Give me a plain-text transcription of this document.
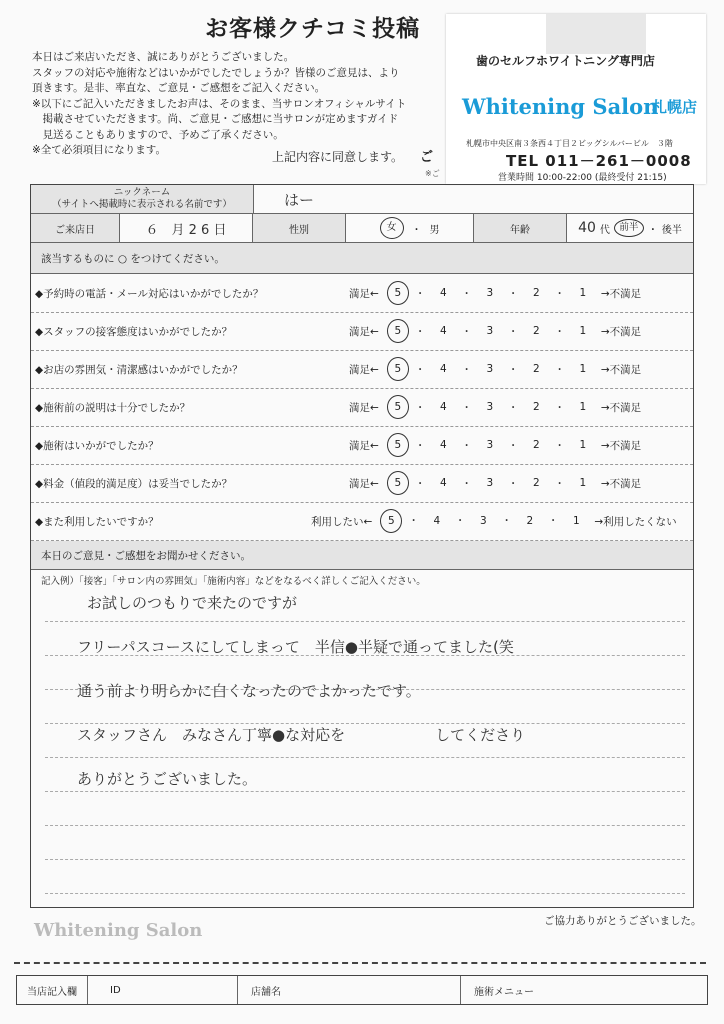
お客様クチコミ投稿
本日はご来店いただき、誠にありがとうございました。
スタッフの対応や施術などはいかがでしたでしょうか？皆様のご意見は、より
頂きます。是非、率直な、ご意見・ご感想をご記入ください。
※以下にご記入いただきましたお声は、そのまま、当サロンオフィシャルサイト
　掲載させていただきます。尚、ご意見・ご感想に当サロンが定めますガイド
　見送ることもありますので、予めご了承ください。
※全て必須項目になります。	上記内容に同意します。 ご
※ご
歯のセルフホワイトニング専門店
Whitening Salon
札幌店
札幌市中央区南３条西４丁目２ビッグシルバービル　３階
TEL 011－261－0008
営業時間 10:00-22:00 (最終受付 21:15)
ニックネーム
（サイトへ掲載時に表示される名前です）	はー
ご来店日	６　月 2 6 日	性別	女	・ 男	年齢	40 代 前半 ・ 後半
該当するものに ○ をつけてください。
◆予約時の電話・メール対応はいかがでしたか？	満足←	5	・	4	・	3	・	2	・	1	→不満足
◆スタッフの接客態度はいかがでしたか？	満足←	5	・	4	・	3	・	2	・	1	→不満足
◆お店の雰囲気・清潔感はいかがでしたか？	満足←	5	・	4	・	3	・	2	・	1	→不満足
◆施術前の説明は十分でしたか？	満足←	5	・	4	・	3	・	2	・	1	→不満足
◆施術はいかがでしたか？	満足←	5	・	4	・	3	・	2	・	1	→不満足
◆料金（値段的満足度）は妥当でしたか？	満足←	5	・	4	・	3	・	2	・	1	→不満足
◆また利用したいですか？	利用したい←	5 ・ 4 ・ 3 ・ 2 ・ 1	→利用したくない
本日のご意見・ご感想をお聞かせください。
記入例）「接客」「サロン内の雰囲気」「施術内容」などをなるべく詳しくご記入ください。
お試しのつもりで来たのですが
フリーパスコースにしてしまって　半信●半疑で通ってました(笑
通う前より明らかに白くなったのでよかったです。
スタッフさん　みなさん丁寧●な対応を　　　　　　してくださり
ありがとうございました。
Whitening Salon	ご協力ありがとうございました。
当店記入欄	ID	店舗名	施術メニュー
